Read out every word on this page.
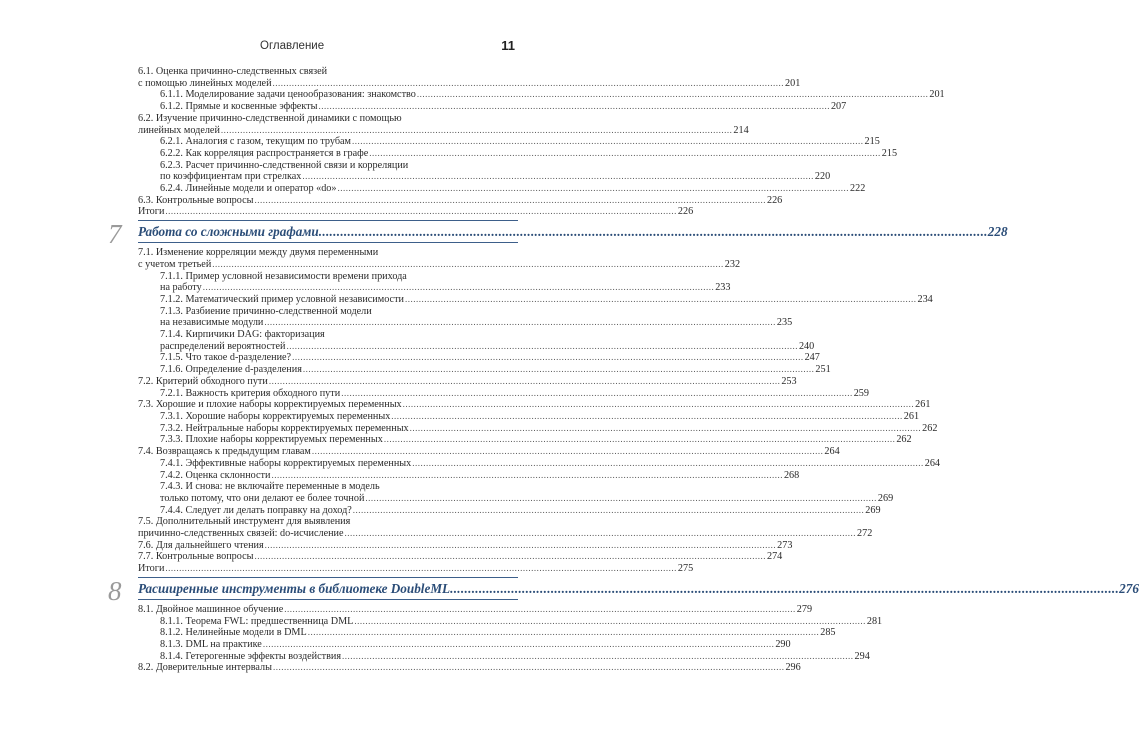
Оглавление	11
6.1. Оценка причинно-следственных связей
с помощью линейных моделей .......................................................................................................................................................................................... 201
6.1.1. Моделирование задачи ценообразования: знакомство .......................................................................................................................................................................................... 201
6.1.2. Прямые и косвенные эффекты .......................................................................................................................................................................................... 207
6.2. Изучение причинно-следственной динамики с помощью
линейных моделей .......................................................................................................................................................................................... 214
6.2.1. Аналогия с газом, текущим по трубам .......................................................................................................................................................................................... 215
6.2.2. Как корреляция распространяется в графе .......................................................................................................................................................................................... 215
6.2.3. Расчет причинно-следственной связи и корреляции
по коэффициентам при стрелках .......................................................................................................................................................................................... 220
6.2.4. Линейные модели и оператор «do» .......................................................................................................................................................................................... 222
6.3. Контрольные вопросы .......................................................................................................................................................................................... 226
Итоги .......................................................................................................................................................................................... 226
7 Работа со сложными графами .......................................................................................................................................................................................... 228
7.1. Изменение корреляции между двумя переменными
с учетом третьей .......................................................................................................................................................................................... 232
7.1.1. Пример условной независимости времени прихода
на работу .......................................................................................................................................................................................... 233
7.1.2. Математический пример условной независимости .......................................................................................................................................................................................... 234
7.1.3. Разбиение причинно-следственной модели
на независимые модули .......................................................................................................................................................................................... 235
7.1.4. Кирпичики DAG: факторизация
распределений вероятностей .......................................................................................................................................................................................... 240
7.1.5. Что такое d-разделение? .......................................................................................................................................................................................... 247
7.1.6. Определение d-разделения .......................................................................................................................................................................................... 251
7.2. Критерий обходного пути .......................................................................................................................................................................................... 253
7.2.1. Важность критерия обходного пути .......................................................................................................................................................................................... 259
7.3. Хорошие и плохие наборы корректируемых переменных .......................................................................................................................................................................................... 261
7.3.1. Хорошие наборы корректируемых переменных .......................................................................................................................................................................................... 261
7.3.2. Нейтральные наборы корректируемых переменных .......................................................................................................................................................................................... 262
7.3.3. Плохие наборы корректируемых переменных .......................................................................................................................................................................................... 262
7.4. Возвращаясь к предыдущим главам .......................................................................................................................................................................................... 264
7.4.1. Эффективные наборы корректируемых переменных .......................................................................................................................................................................................... 264
7.4.2. Оценка склонности .......................................................................................................................................................................................... 268
7.4.3. И снова: не включайте переменные в модель
только потому, что они делают ее более точной .......................................................................................................................................................................................... 269
7.4.4. Следует ли делать поправку на доход? .......................................................................................................................................................................................... 269
7.5. Дополнительный инструмент для выявления
причинно-следственных связей: do-исчисление .......................................................................................................................................................................................... 272
7.6. Для дальнейшего чтения .......................................................................................................................................................................................... 273
7.7. Контрольные вопросы .......................................................................................................................................................................................... 274
Итоги .......................................................................................................................................................................................... 275
8 Расширенные инструменты в библиотеке DoubleML .......................................................................................................................................................................................... 276
8.1. Двойное машинное обучение .......................................................................................................................................................................................... 279
8.1.1. Теорема FWL: предшественница DML .......................................................................................................................................................................................... 281
8.1.2. Нелинейные модели в DML .......................................................................................................................................................................................... 285
8.1.3. DML на практике .......................................................................................................................................................................................... 290
8.1.4. Гетерогенные эффекты воздействия .......................................................................................................................................................................................... 294
8.2. Доверительные интервалы .......................................................................................................................................................................................... 296
